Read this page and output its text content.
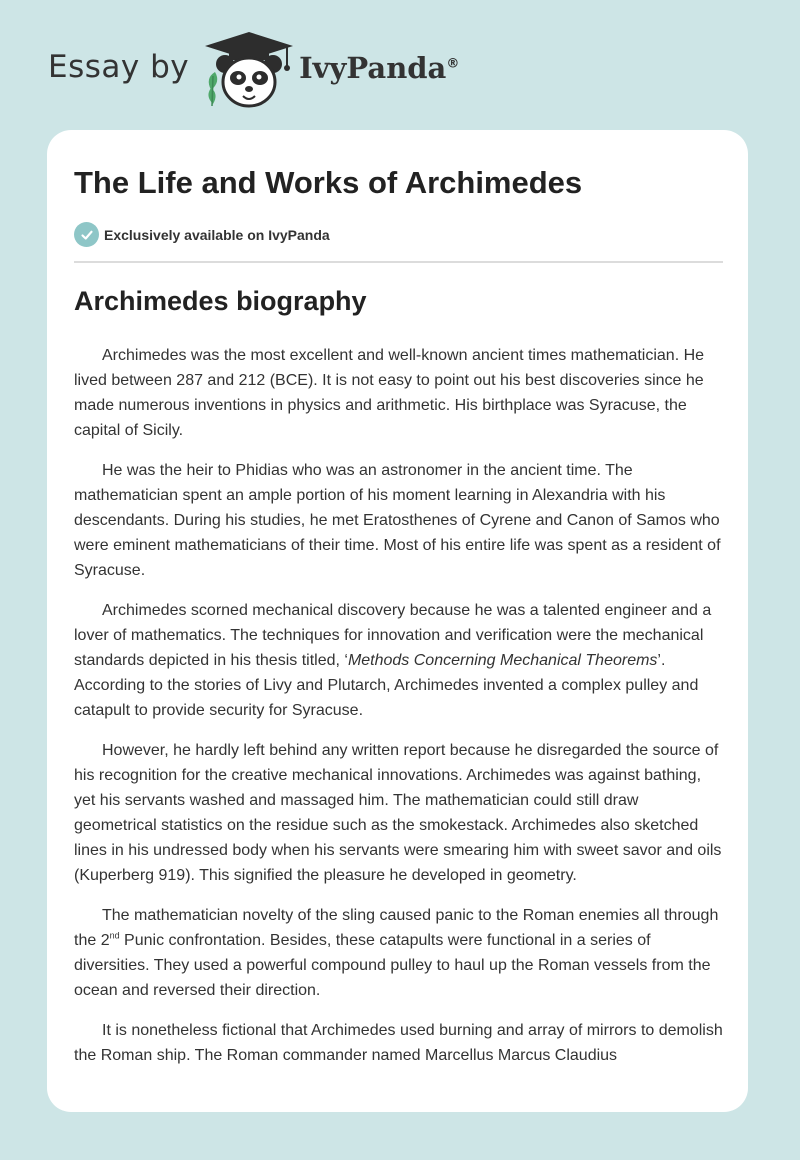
Essay by	IvyPanda®
The Life and Works of Archimedes
Exclusively available on IvyPanda
Archimedes biography

Archimedes was the most excellent and well-known ancient times mathematician. He lived between 287 and 212 (BCE). It is not easy to point out his best discoveries since he made numerous inventions in physics and arithmetic. His birthplace was Syracuse, the capital of Sicily.

He was the heir to Phidias who was an astronomer in the ancient time. The mathematician spent an ample portion of his moment learning in Alexandria with his descendants. During his studies, he met Eratosthenes of Cyrene and Canon of Samos who were eminent mathematicians of their time. Most of his entire life was spent as a resident of Syracuse.

Archimedes scorned mechanical discovery because he was a talented engineer and a lover of mathematics. The techniques for innovation and verification were the mechanical standards depicted in his thesis titled, ‘Methods Concerning Mechanical Theorems’. According to the stories of Livy and Plutarch, Archimedes invented a complex pulley and catapult to provide security for Syracuse.

However, he hardly left behind any written report because he disregarded the source of his recognition for the creative mechanical innovations. Archimedes was against bathing, yet his servants washed and massaged him. The mathematician could still draw geometrical statistics on the residue such as the smokestack. Archimedes also sketched lines in his undressed body when his servants were smearing him with sweet savor and oils (Kuperberg 919). This signified the pleasure he developed in geometry.

The mathematician novelty of the sling caused panic to the Roman enemies all through the 2nd Punic confrontation. Besides, these catapults were functional in a series of diversities. They used a powerful compound pulley to haul up the Roman vessels from the ocean and reversed their direction.

It is nonetheless fictional that Archimedes used burning and array of mirrors to demolish the Roman ship. The Roman commander named Marcellus Marcus Claudius
